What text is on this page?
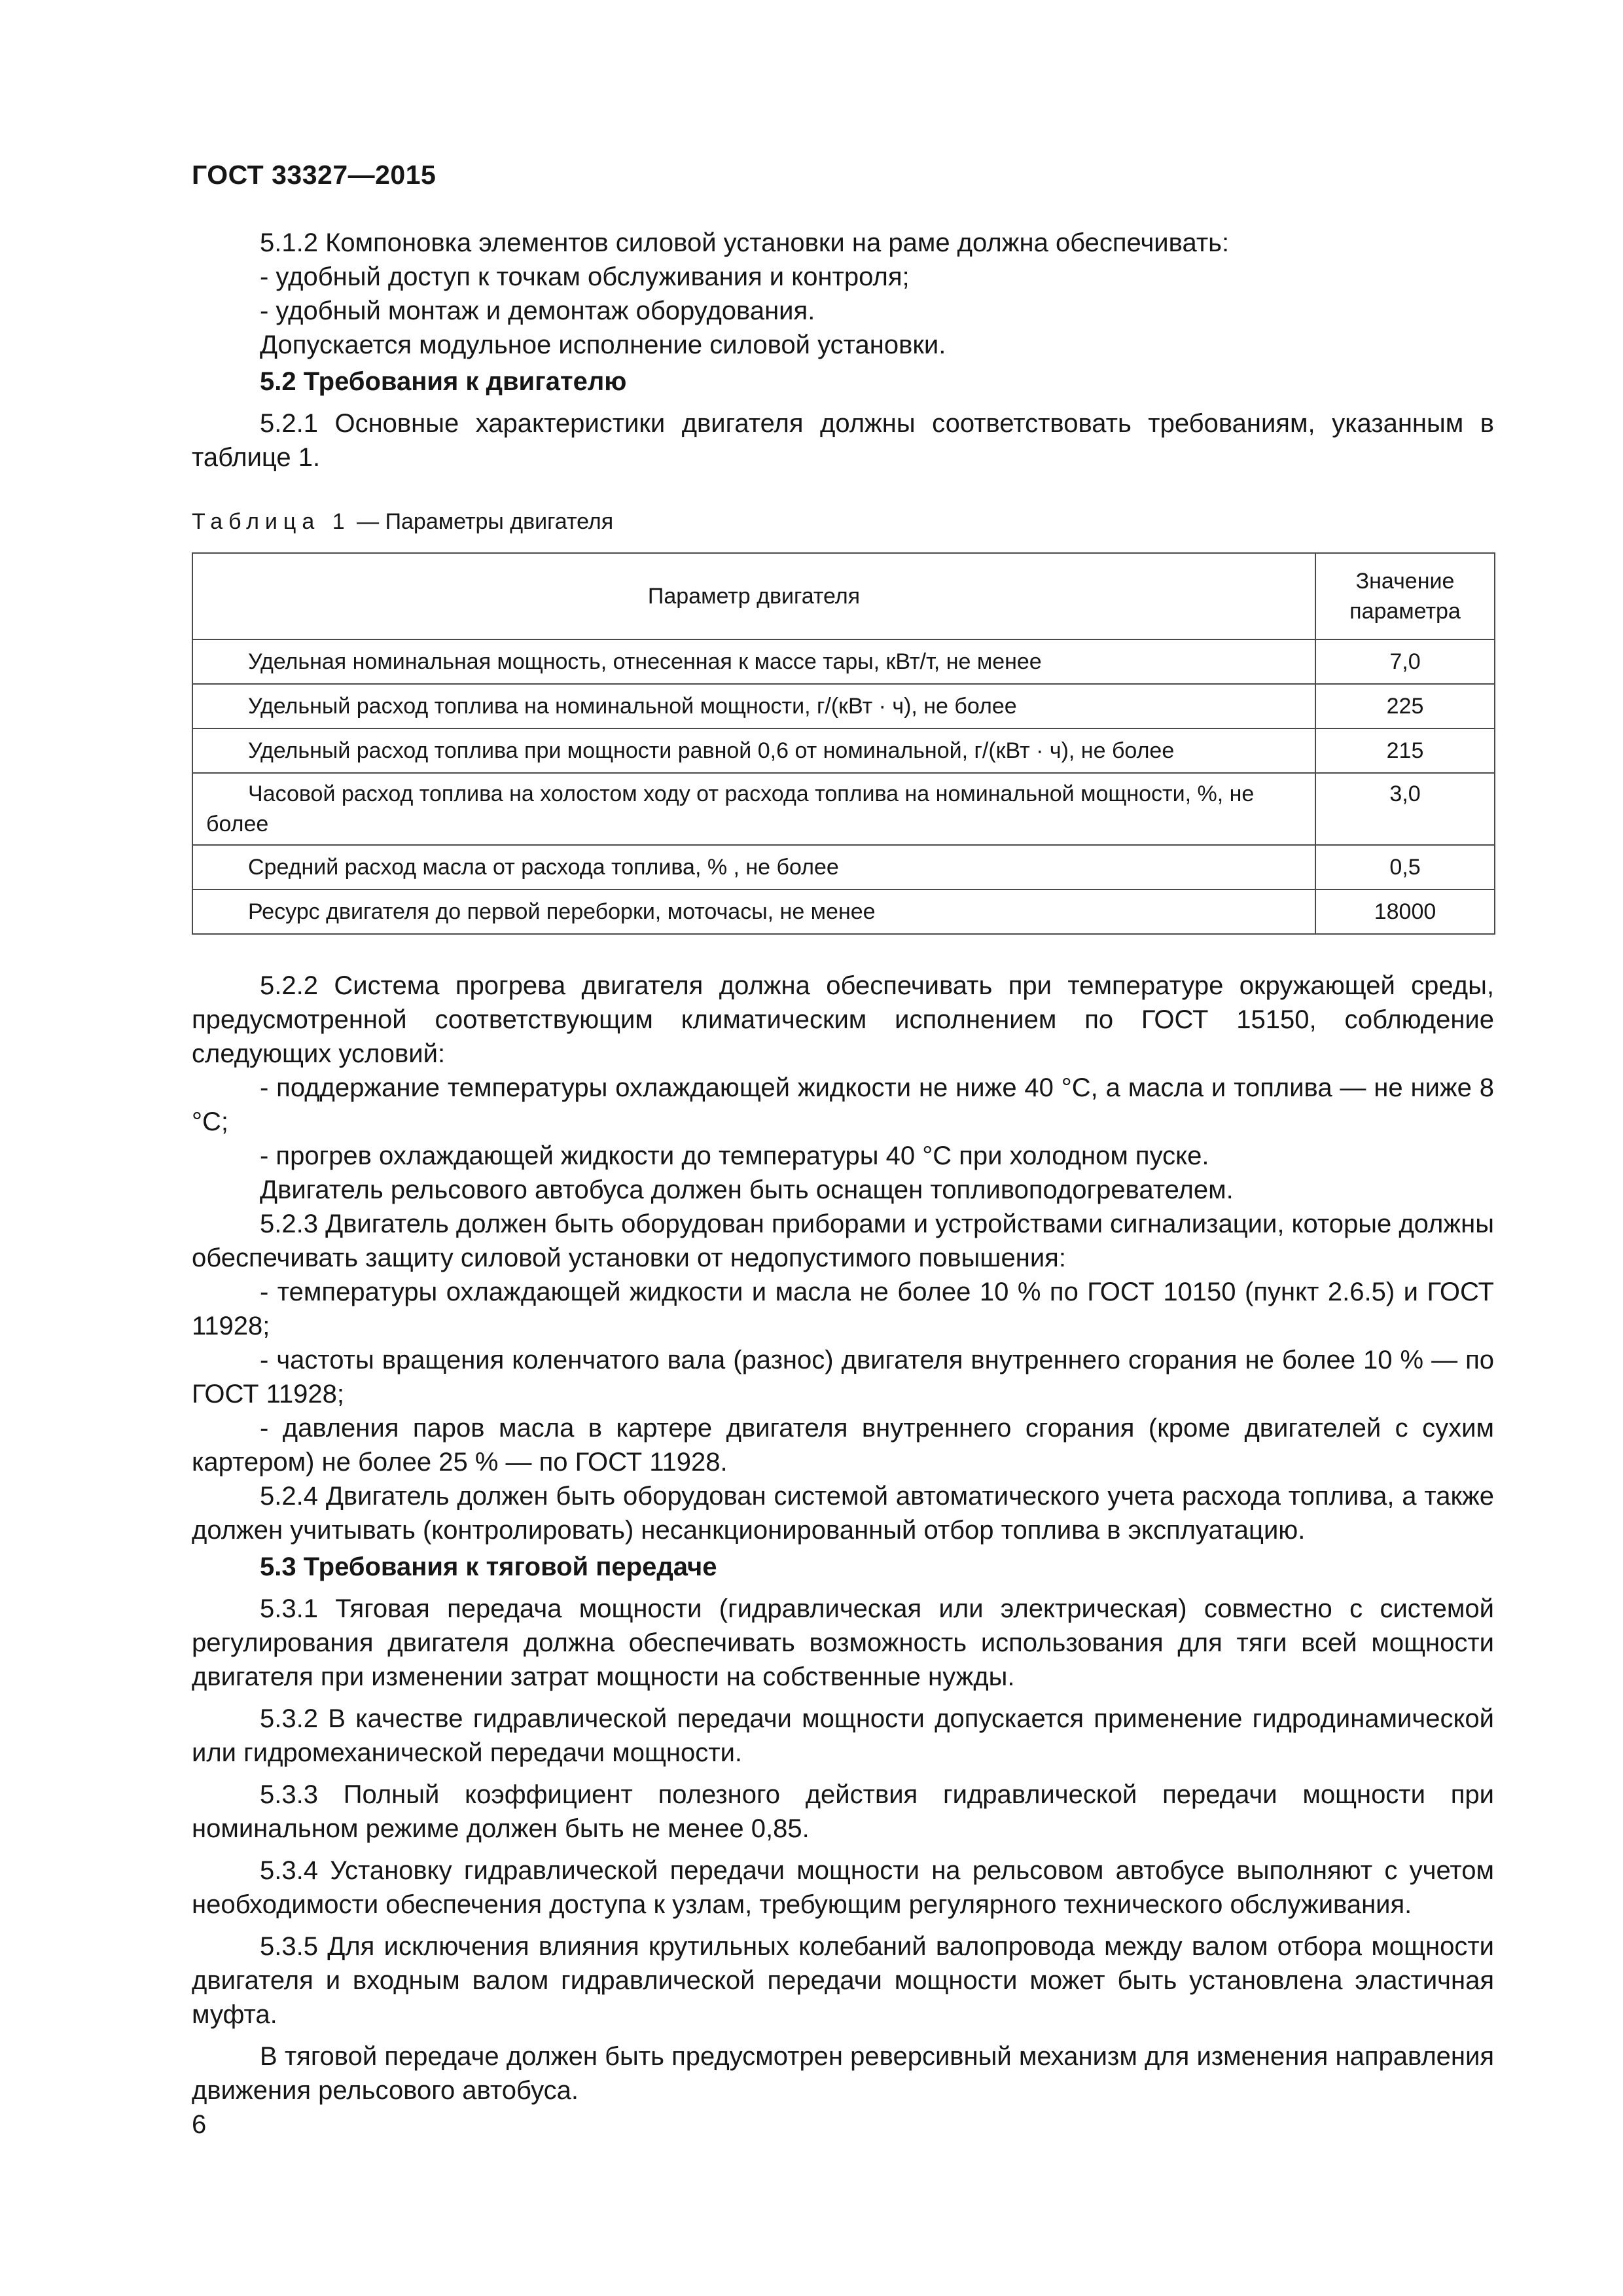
ГОСТ 33327—2015

5.1.2 Компоновка элементов силовой установки на раме должна обеспечивать:

- удобный доступ к точкам обслуживания и контроля;

- удобный монтаж и демонтаж оборудования.

Допускается модульное исполнение силовой установки.

5.2 Требования к двигателю

5.2.1 Основные характеристики двигателя должны соответствовать требованиям, указанным в таблице 1.

Таблица 1 — Параметры двигателя
Параметр двигателя	Значение
параметра
Удельная номинальная мощность, отнесенная к массе тары, кВт/т, не менее	7,0
Удельный расход топлива на номинальной мощности, г/(кВт · ч), не более	225
Удельный расход топлива при мощности равной 0,6 от номинальной, г/(кВт · ч), не более	215
Часовой расход топлива на холостом ходу от расхода топлива на номинальной мощности, %, не более	3,0
Средний расход масла от расхода топлива, % , не более	0,5
Ресурс двигателя до первой переборки, моточасы, не менее	18000

5.2.2 Система прогрева двигателя должна обеспечивать при температуре окружающей среды, предусмотренной соответствующим климатическим исполнением по ГОСТ 15150, соблюдение следующих условий:

- поддержание температуры охлаждающей жидкости не ниже 40 °С, а масла и топлива — не ниже 8 °С;

- прогрев охлаждающей жидкости до температуры 40 °С при холодном пуске.

Двигатель рельсового автобуса должен быть оснащен топливоподогревателем.

5.2.3 Двигатель должен быть оборудован приборами и устройствами сигнализации, которые должны обеспечивать защиту силовой установки от недопустимого повышения:

- температуры охлаждающей жидкости и масла не более 10 % по ГОСТ 10150 (пункт 2.6.5) и ГОСТ 11928;

- частоты вращения коленчатого вала (разнос) двигателя внутреннего сгорания не более 10 % — по ГОСТ 11928;

- давления паров масла в картере двигателя внутреннего сгорания (кроме двигателей с сухим картером) не более 25 % — по ГОСТ 11928.

5.2.4 Двигатель должен быть оборудован системой автоматического учета расхода топлива, а также должен учитывать (контролировать) несанкционированный отбор топлива в эксплуатацию.

5.3 Требования к тяговой передаче

5.3.1 Тяговая передача мощности (гидравлическая или электрическая) совместно с системой регулирования двигателя должна обеспечивать возможность использования для тяги всей мощности двигателя при изменении затрат мощности на собственные нужды.

5.3.2 В качестве гидравлической передачи мощности допускается применение гидродинамической или гидромеханической передачи мощности.

5.3.3 Полный коэффициент полезного действия гидравлической передачи мощности при номинальном режиме должен быть не менее 0,85.

5.3.4 Установку гидравлической передачи мощности на рельсовом автобусе выполняют с учетом необходимости обеспечения доступа к узлам, требующим регулярного технического обслуживания.

5.3.5 Для исключения влияния крутильных колебаний валопровода между валом отбора мощности двигателя и входным валом гидравлической передачи мощности может быть установлена эластичная муфта.

В тяговой передаче должен быть предусмотрен реверсивный механизм для изменения направления движения рельсового автобуса.

6
